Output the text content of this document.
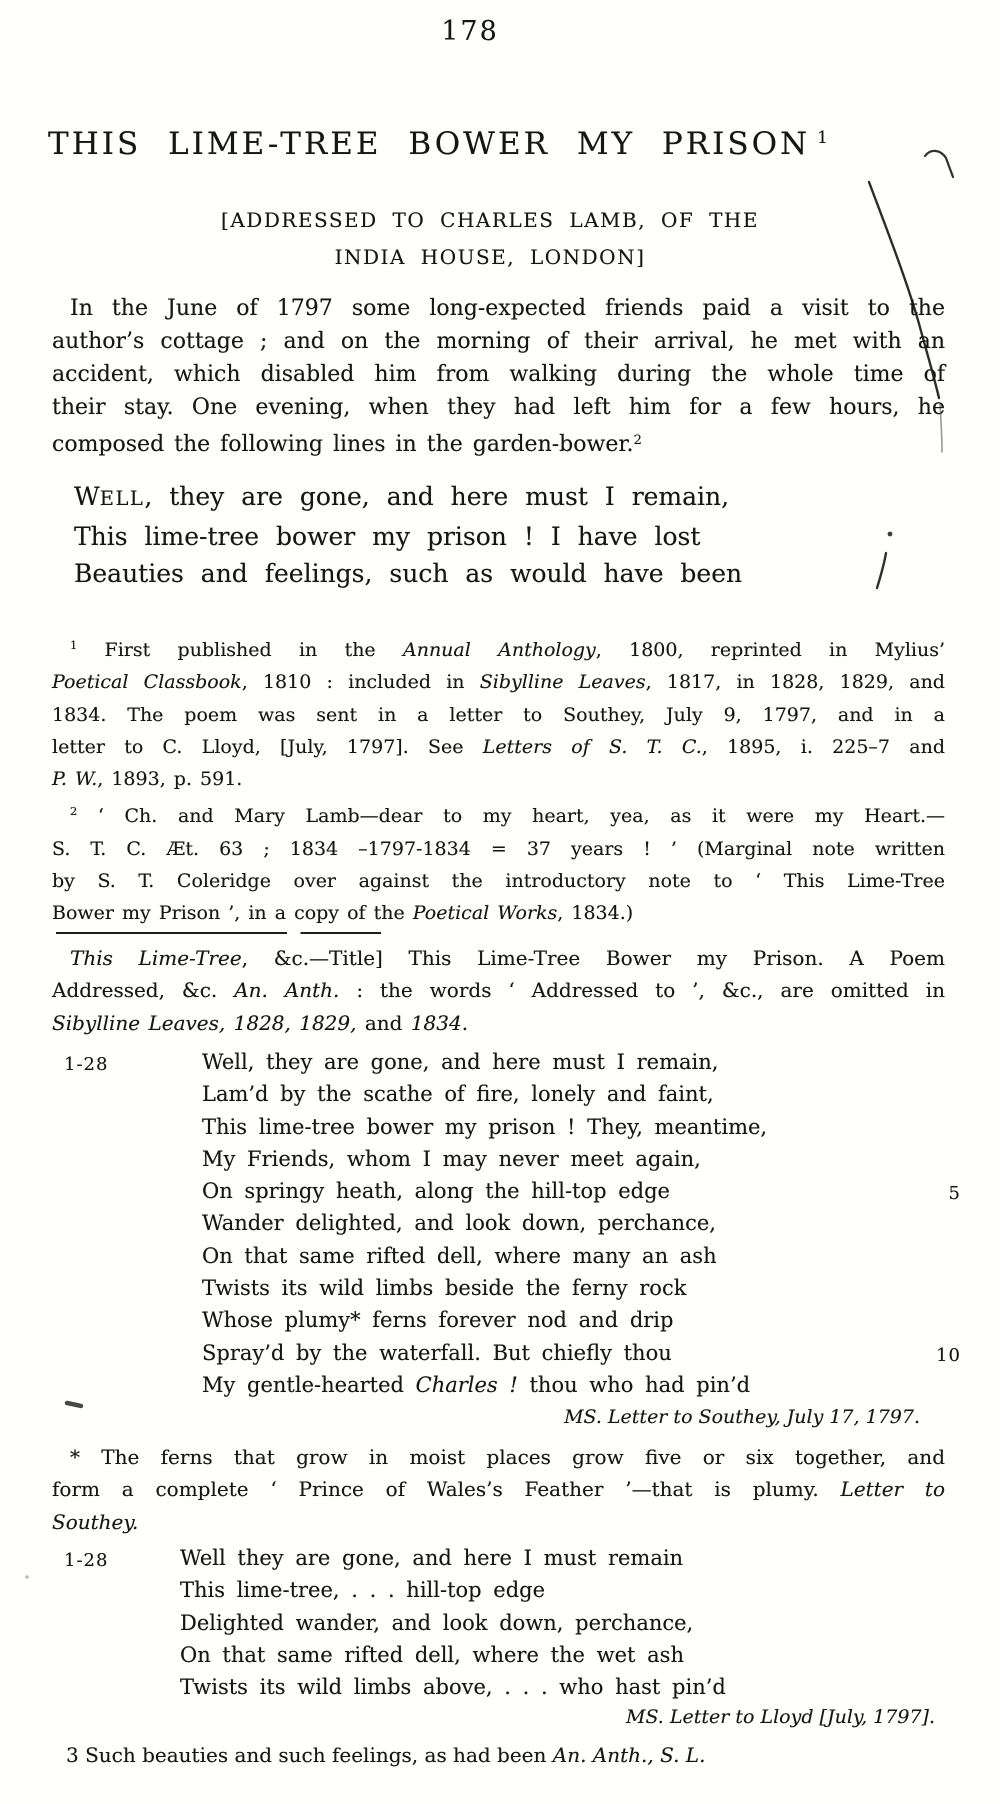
178
THIS LIME-TREE BOWER MY PRISON $^1$
[ADDRESSED TO CHARLES LAMB, OF THE
INDIA HOUSE, LONDON]
In the June of 1797 some long-expected friends paid a visit to the
author’s cottage ; and on the morning of their arrival, he met with an
accident, which disabled him from walking during the whole time of
their stay. One evening, when they had left him for a few hours, he
composed the following lines in the garden-bower.$^2$
WELL, they are gone, and here must I remain,
This lime-tree bower my prison ! I have lost
Beauties and feelings, such as would have been
$^1$ First published in the Annual Anthology, 1800, reprinted in Mylius’
Poetical Classbook, 1810 : included in Sibylline Leaves, 1817, in 1828, 1829, and
1834. The poem was sent in a letter to Southey, July 9, 1797, and in a
letter to C. Lloyd, [July, 1797]. See Letters of S. T. C., 1895, i. 225–7 and
P. W., 1893, p. 591.
$^2$ ‘ Ch. and Mary Lamb—dear to my heart, yea, as it were my Heart.—
S. T. C. Æt. 63 ; 1834 –1797-1834 = 37 years ! ’ (Marginal note written
by S. T. Coleridge over against the introductory note to ‘ This Lime-Tree
Bower my Prison ’, in a copy of the Poetical Works, 1834.)
This Lime-Tree, &c.—Title] This Lime-Tree Bower my Prison. A Poem
Addressed, &c. An. Anth. : the words ‘ Addressed to ’, &c., are omitted in
Sibylline Leaves, 1828, 1829, and 1834.
1-28	Well, they are gone, and here must I remain,
Lam’d by the scathe of fire, lonely and faint,
This lime-tree bower my prison ! They, meantime,
My Friends, whom I may never meet again,
On springy heath, along the hill-top edge	5
Wander delighted, and look down, perchance,
On that same rifted dell, where many an ash
Twists its wild limbs beside the ferny rock
Whose plumy* ferns forever nod and drip
Spray’d by the waterfall. But chiefly thou	10
My gentle-hearted Charles ! thou who had pin’d
MS. Letter to Southey, July 17, 1797.
* The ferns that grow in moist places grow five or six together, and
form a complete ‘ Prince of Wales’s Feather ’—that is plumy. Letter to
Southey.
1-28	Well they are gone, and here I must remain
This lime-tree, . . . hill-top edge
Delighted wander, and look down, perchance,
On that same rifted dell, where the wet ash
Twists its wild limbs above, . . . who hast pin’d
MS. Letter to Lloyd [July, 1797].
3 Such beauties and such feelings, as had been An. Anth., S. L.
